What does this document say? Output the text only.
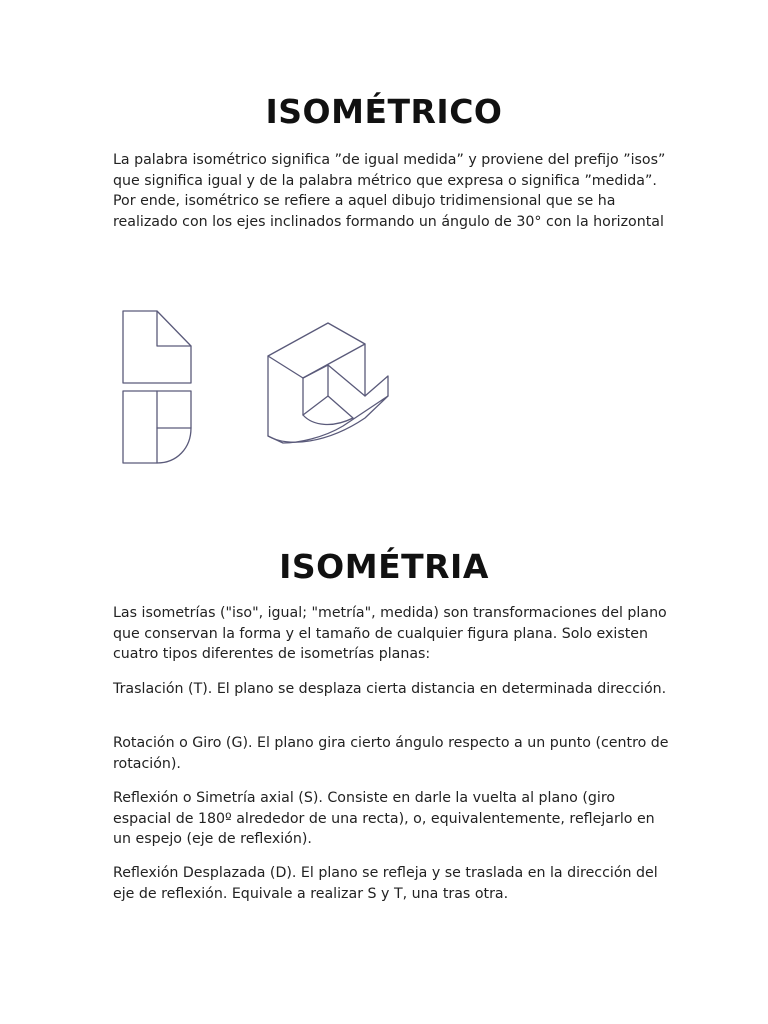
ISOMÉTRICO

La palabra isométrico significa ”de igual medida” y proviene del prefijo ”isos” que significa igual y de la palabra métrico que expresa o significa ”medida”. Por ende, isométrico se refiere a aquel dibujo tridimensional que se ha realizado con los ejes inclinados formando un ángulo de 30° con la horizontal

ISOMÉTRIA

Las isometrías ("iso", igual; "metría", medida) son transformaciones del plano que conservan la forma y el tamaño de cualquier figura plana. Solo existen cuatro tipos diferentes de isometrías planas:

Traslación (T). El plano se desplaza cierta distancia en determinada dirección.

Rotación o Giro (G). El plano gira cierto ángulo respecto a un punto (centro de rotación).

Reflexión o Simetría axial (S). Consiste en darle la vuelta al plano (giro espacial de 180º alrededor de una recta), o, equivalentemente, reflejarlo en un espejo (eje de reflexión).

Reflexión Desplazada (D). El plano se refleja y se traslada en la dirección del eje de reflexión. Equivale a realizar S y T, una tras otra.
